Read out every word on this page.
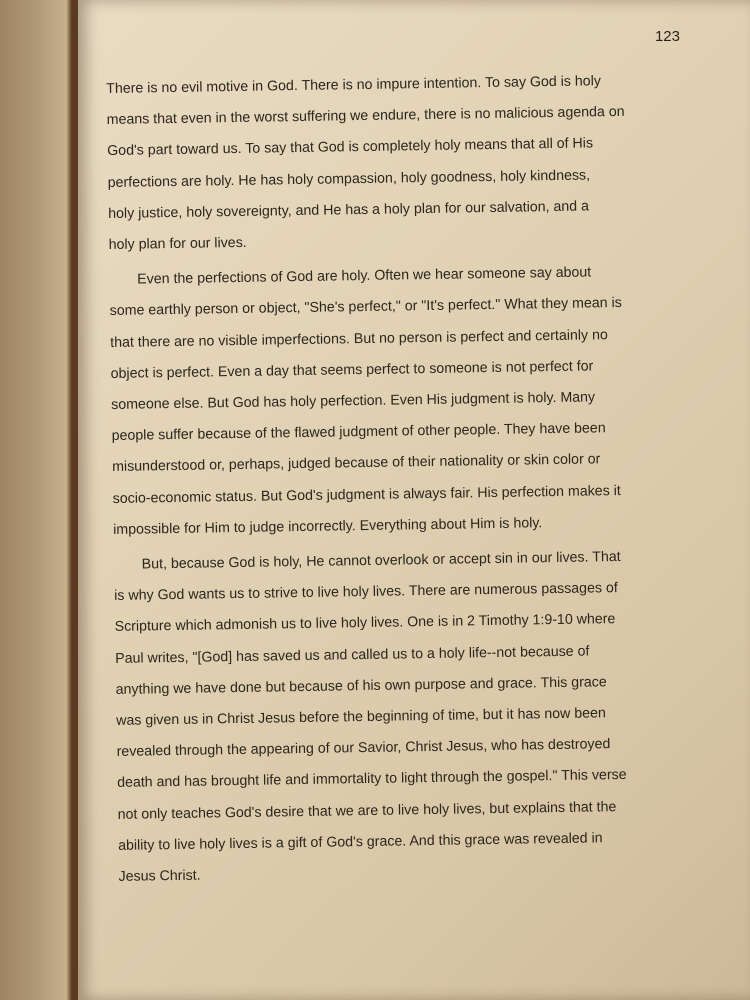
123
There is no evil motive in God. There is no impure intention. To say God is holy
means that even in the worst suffering we endure, there is no malicious agenda on
God's part toward us. To say that God is completely holy means that all of His
perfections are holy. He has holy compassion, holy goodness, holy kindness,
holy justice, holy sovereignty, and He has a holy plan for our salvation, and a
holy plan for our lives.
Even the perfections of God are holy. Often we hear someone say about
some earthly person or object, "She's perfect," or "It's perfect." What they mean is
that there are no visible imperfections. But no person is perfect and certainly no
object is perfect. Even a day that seems perfect to someone is not perfect for
someone else. But God has holy perfection. Even His judgment is holy. Many
people suffer because of the flawed judgment of other people. They have been
misunderstood or, perhaps, judged because of their nationality or skin color or
socio-economic status. But God's judgment is always fair. His perfection makes it
impossible for Him to judge incorrectly. Everything about Him is holy.
But, because God is holy, He cannot overlook or accept sin in our lives. That
is why God wants us to strive to live holy lives. There are numerous passages of
Scripture which admonish us to live holy lives. One is in 2 Timothy 1:9-10 where
Paul writes, "[God] has saved us and called us to a holy life--not because of
anything we have done but because of his own purpose and grace. This grace
was given us in Christ Jesus before the beginning of time, but it has now been
revealed through the appearing of our Savior, Christ Jesus, who has destroyed
death and has brought life and immortality to light through the gospel." This verse
not only teaches God's desire that we are to live holy lives, but explains that the
ability to live holy lives is a gift of God's grace. And this grace was revealed in
Jesus Christ.
